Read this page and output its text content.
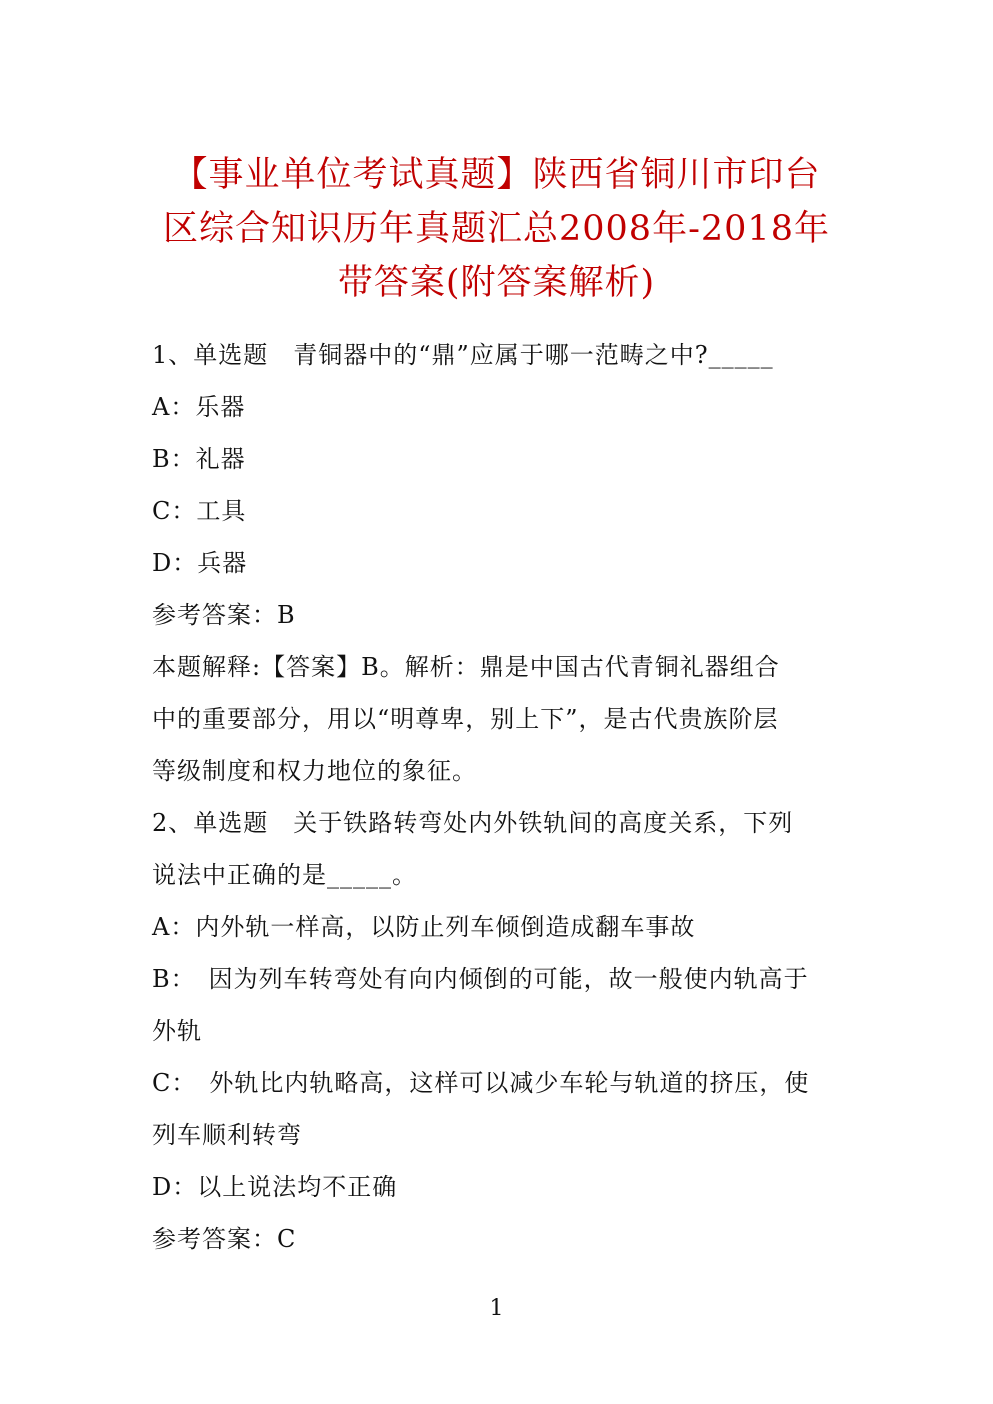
【事业单位考试真题】陕西省铜川市印台
区综合知识历年真题汇总2008年-2018年
带答案(附答案解析)
1、单选题　青铜器中的“鼎”应属于哪一范畴之中?_____
A：乐器
B：礼器
C：工具
D：兵器
参考答案：B
本题解释:【答案】B。解析：鼎是中国古代青铜礼器组合
中的重要部分，用以“明尊卑，别上下”，是古代贵族阶层
等级制度和权力地位的象征。
2、单选题　关于铁路转弯处内外铁轨间的高度关系，下列
说法中正确的是_____。
A：内外轨一样高，以防止列车倾倒造成翻车事故
B：　因为列车转弯处有向内倾倒的可能，故一般使内轨高于
外轨
C：　外轨比内轨略高，这样可以减少车轮与轨道的挤压，使
列车顺利转弯
D：以上说法均不正确
参考答案：C
1
